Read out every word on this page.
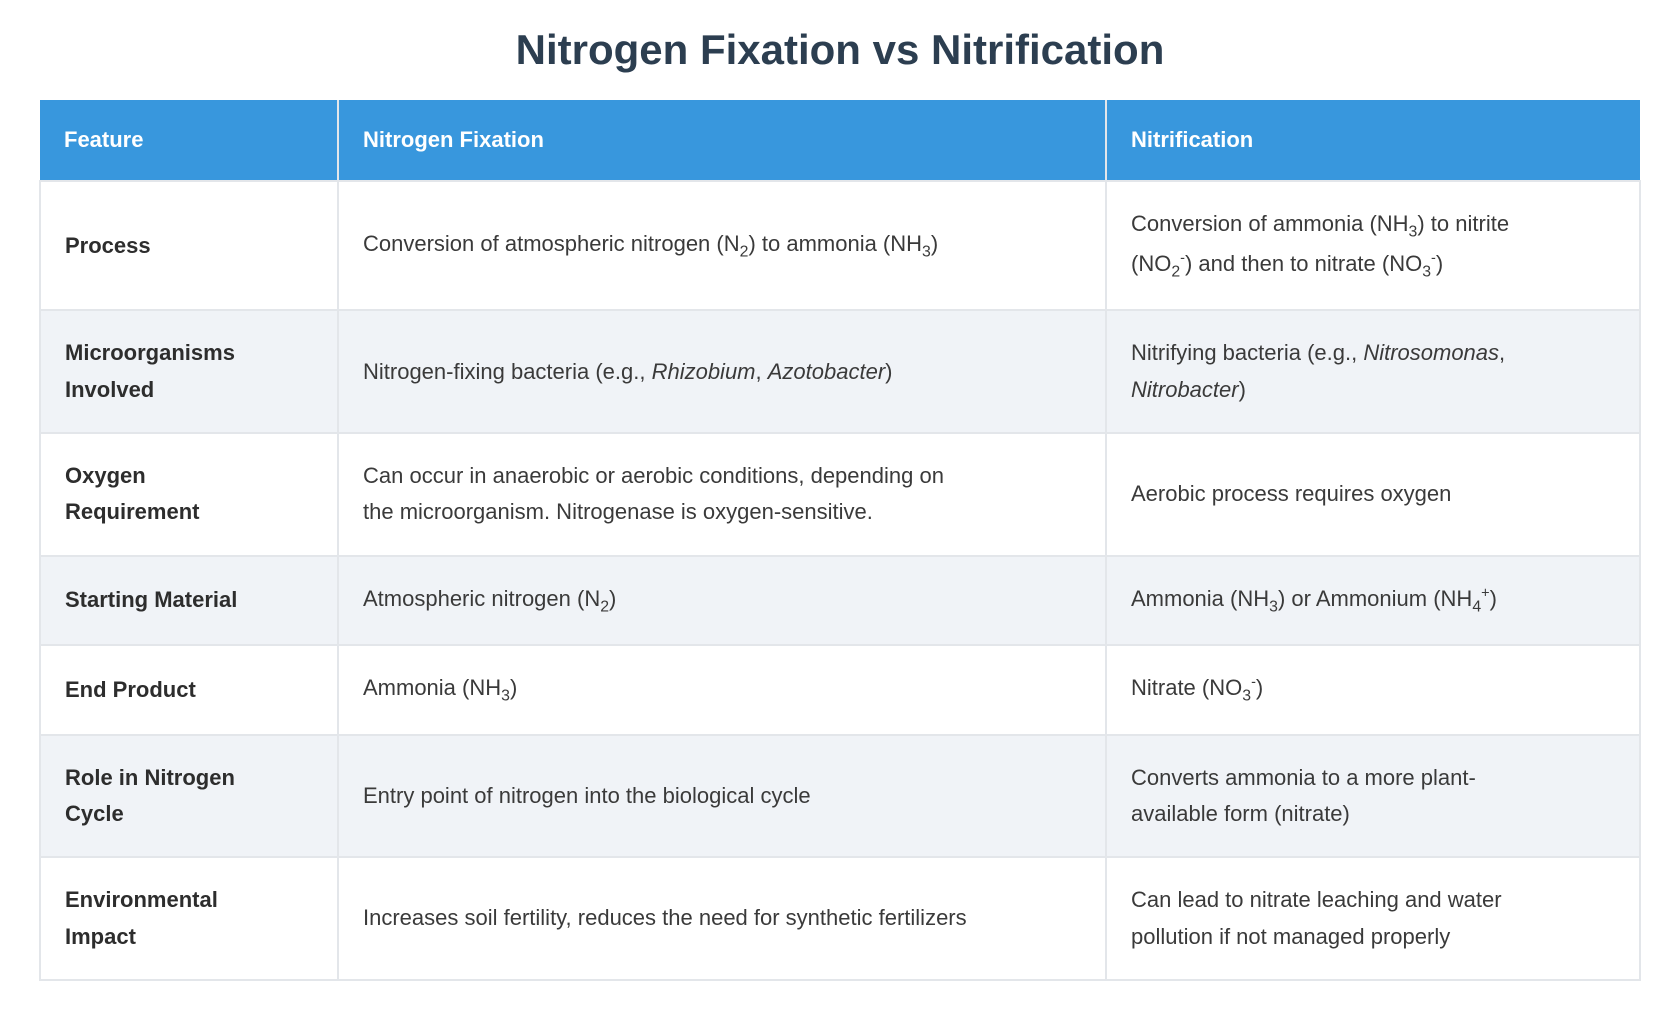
Nitrogen Fixation vs Nitrification
Feature	Nitrogen Fixation	Nitrification
Process	Conversion of atmospheric nitrogen $(N_2)$ to ammonia $(NH_3)$	Conversion of ammonia $(NH_3)$ to nitrite $(NO_2^-)$ and then to nitrate $(NO_3^-)$
Microorganisms Involved	Nitrogen-fixing bacteria (e.g., Rhizobium, Azotobacter)	Nitrifying bacteria (e.g., Nitrosomonas, Nitrobacter)
Oxygen Requirement	Can occur in anaerobic or aerobic conditions, depending on the microorganism. Nitrogenase is oxygen-sensitive.	Aerobic process requires oxygen
Starting Material	Atmospheric nitrogen $(N_2)$	Ammonia $(NH_3)$ or Ammonium $(NH_4^+)$
End Product	Ammonia $(NH_3)$	Nitrate $(NO_3^-)$
Role in Nitrogen Cycle	Entry point of nitrogen into the biological cycle	Converts ammonia to a more plant-available form (nitrate)
Environmental Impact	Increases soil fertility, reduces the need for synthetic fertilizers	Can lead to nitrate leaching and water pollution if not managed properly
